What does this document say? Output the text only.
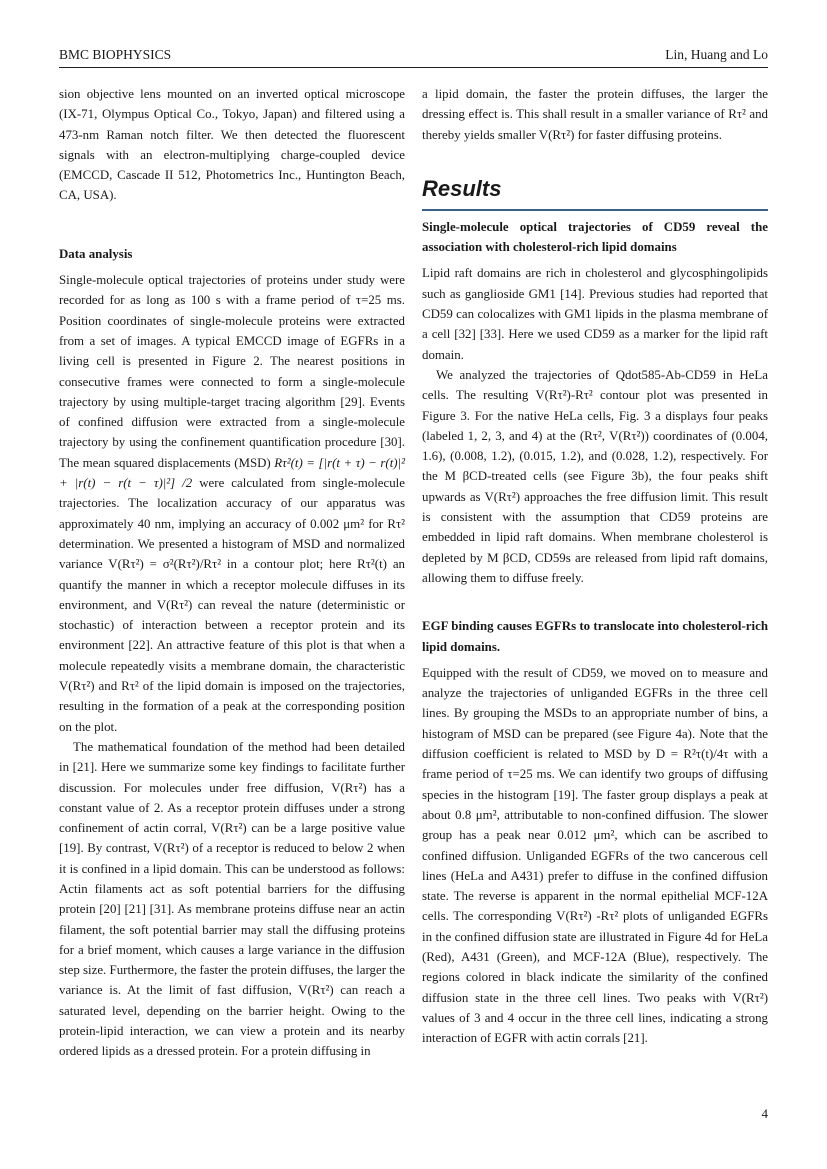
BMC BIOPHYSICS	Lin, Huang and Lo

sion objective lens mounted on an inverted optical microscope (IX-71, Olympus Optical Co., Tokyo, Japan) and filtered using a 473-nm Raman notch filter. We then detected the fluorescent signals with an electron-multiplying charge-coupled device (EMCCD, Cascade II 512, Photometrics Inc., Huntington Beach, CA, USA).

Data analysis

Single-molecule optical trajectories of proteins under study were recorded for as long as 100 s with a frame period of τ=25 ms. Position coordinates of single-molecule proteins were extracted from a set of images. A typical EMCCD image of EGFRs in a living cell is presented in Figure 2. The nearest positions in consecutive frames were connected to form a single-molecule trajectory by using multiple-target tracing algorithm [29]. Events of confined diffusion were extracted from a single-molecule trajectory by using the confinement quantification procedure [30]. The mean squared displacements (MSD) Rτ²(t) = [|r(t + τ) − r(t)|² + |r(t) − r(t − τ)|²] /2 were calculated from single-molecule trajectories. The localization accuracy of our apparatus was approximately 40 nm, implying an accuracy of 0.002 μm² for Rτ² determination. We presented a histogram of MSD and normalized variance V(Rτ²) = σ²(Rτ²)/Rτ² in a contour plot; here Rτ²(t) an quantify the manner in which a receptor molecule diffuses in its environment, and V(Rτ²) can reveal the nature (deterministic or stochastic) of interaction between a receptor protein and its environment [22]. An attractive feature of this plot is that when a molecule repeatedly visits a membrane domain, the characteristic V(Rτ²) and Rτ² of the lipid domain is imposed on the trajectories, resulting in the formation of a peak at the corresponding position on the plot.

The mathematical foundation of the method had been detailed in [21]. Here we summarize some key findings to facilitate further discussion. For molecules under free diffusion, V(Rτ²) has a constant value of 2. As a receptor protein diffuses under a strong confinement of actin corral, V(Rτ²) can be a large positive value [19]. By contrast, V(Rτ²) of a receptor is reduced to below 2 when it is confined in a lipid domain. This can be understood as follows: Actin filaments act as soft potential barriers for the diffusing protein [20] [21] [31]. As membrane proteins diffuse near an actin filament, the soft potential barrier may stall the diffusing proteins for a brief moment, which causes a large variance in the diffusion step size. Furthermore, the faster the protein diffuses, the larger the variance is. At the limit of fast diffusion, V(Rτ²) can reach a saturated level, depending on the barrier height. Owing to the protein-lipid interaction, we can view a protein and its nearby ordered lipids as a dressed protein. For a protein diffusing in

a lipid domain, the faster the protein diffuses, the larger the dressing effect is. This shall result in a smaller variance of Rτ² and thereby yields smaller V(Rτ²) for faster diffusing proteins.

Results

Single-molecule optical trajectories of CD59 reveal the association with cholesterol-rich lipid domains

Lipid raft domains are rich in cholesterol and glycosphingolipids such as ganglioside GM1 [14]. Previous studies had reported that CD59 can colocalizes with GM1 lipids in the plasma membrane of a cell [32] [33]. Here we used CD59 as a marker for the lipid raft domain.

We analyzed the trajectories of Qdot585-Ab-CD59 in HeLa cells. The resulting V(Rτ²)-Rτ² contour plot was presented in Figure 3. For the native HeLa cells, Fig. 3 a displays four peaks (labeled 1, 2, 3, and 4) at the (Rτ², V(Rτ²)) coordinates of (0.004, 1.6), (0.008, 1.2), (0.015, 1.2), and (0.028, 1.2), respectively. For the M βCD-treated cells (see Figure 3b), the four peaks shift upwards as V(Rτ²) approaches the free diffusion limit. This result is consistent with the assumption that CD59 proteins are embedded in lipid raft domains. When membrane cholesterol is depleted by M βCD, CD59s are released from lipid raft domains, allowing them to diffuse freely.

EGF binding causes EGFRs to translocate into cholesterol-rich lipid domains.

Equipped with the result of CD59, we moved on to measure and analyze the trajectories of unliganded EGFRs in the three cell lines. By grouping the MSDs to an appropriate number of bins, a histogram of MSD can be prepared (see Figure 4a). Note that the diffusion coefficient is related to MSD by D = R²τ(t)/4τ with a frame period of τ=25 ms. We can identify two groups of diffusing species in the histogram [19]. The faster group displays a peak at about 0.8 μm², attributable to non-confined diffusion. The slower group has a peak near 0.012 μm², which can be ascribed to confined diffusion. Unliganded EGFRs of the two cancerous cell lines (HeLa and A431) prefer to diffuse in the confined diffusion state. The reverse is apparent in the normal epithelial MCF-12A cells. The corresponding V(Rτ²) -Rτ² plots of unliganded EGFRs in the confined diffusion state are illustrated in Figure 4d for HeLa (Red), A431 (Green), and MCF-12A (Blue), respectively. The regions colored in black indicate the similarity of the confined diffusion state in the three cell lines. Two peaks with V(Rτ²) values of 3 and 4 occur in the three cell lines, indicating a strong interaction of EGFR with actin corrals [21].

4
